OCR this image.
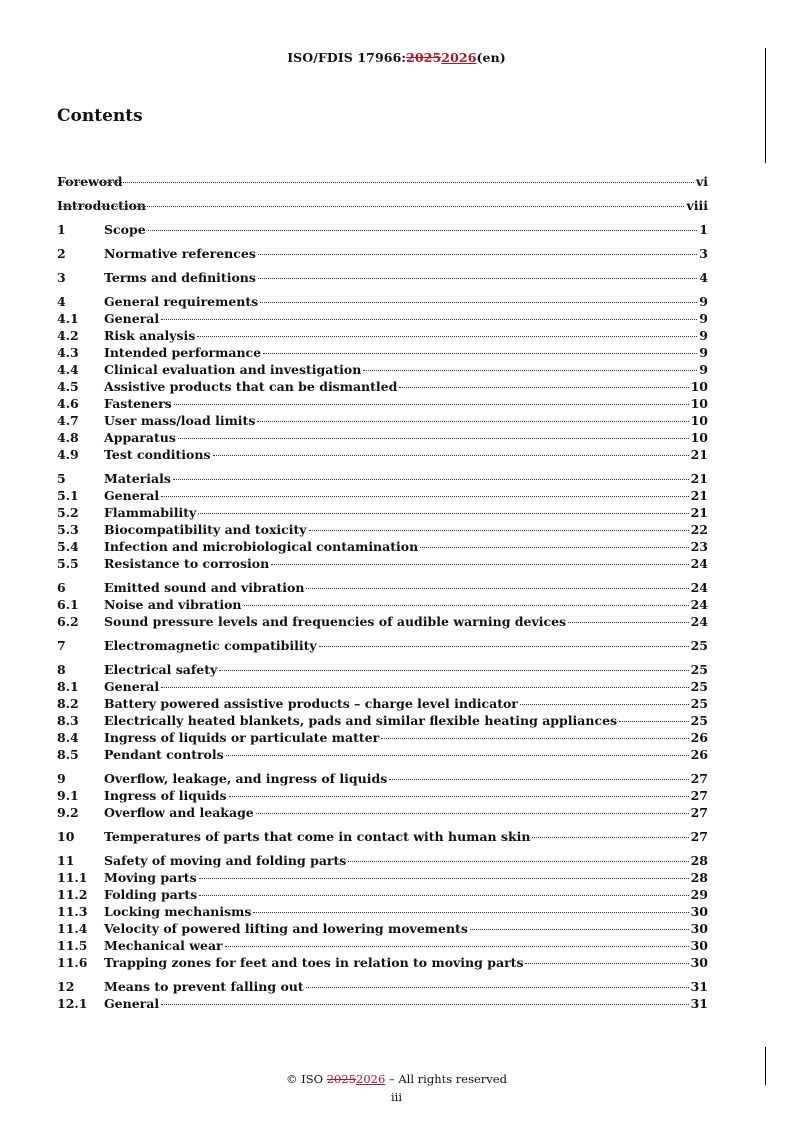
ISO/FDIS 17966:20252026(en)
Contents
Foreword	vi
Introduction	viii
1	Scope	1
2	Normative references	3
3	Terms and definitions	4
4	General requirements	9
4.1	General	9
4.2	Risk analysis	9
4.3	Intended performance	9
4.4	Clinical evaluation and investigation	9
4.5	Assistive products that can be dismantled	10
4.6	Fasteners	10
4.7	User mass/load limits	10
4.8	Apparatus	10
4.9	Test conditions	21
5	Materials	21
5.1	General	21
5.2	Flammability	21
5.3	Biocompatibility and toxicity	22
5.4	Infection and microbiological contamination	23
5.5	Resistance to corrosion	24
6	Emitted sound and vibration	24
6.1	Noise and vibration	24
6.2	Sound pressure levels and frequencies of audible warning devices	24
7	Electromagnetic compatibility	25
8	Electrical safety	25
8.1	General	25
8.2	Battery powered assistive products – charge level indicator	25
8.3	Electrically heated blankets, pads and similar flexible heating appliances	25
8.4	Ingress of liquids or particulate matter	26
8.5	Pendant controls	26
9	Overflow, leakage, and ingress of liquids	27
9.1	Ingress of liquids	27
9.2	Overflow and leakage	27
10	Temperatures of parts that come in contact with human skin	27
11	Safety of moving and folding parts	28
11.1	Moving parts	28
11.2	Folding parts	29
11.3	Locking mechanisms	30
11.4	Velocity of powered lifting and lowering movements	30
11.5	Mechanical wear	30
11.6	Trapping zones for feet and toes in relation to moving parts	30
12	Means to prevent falling out	31
12.1	General	31
© ISO 20252026 – All rights reserved
iii
